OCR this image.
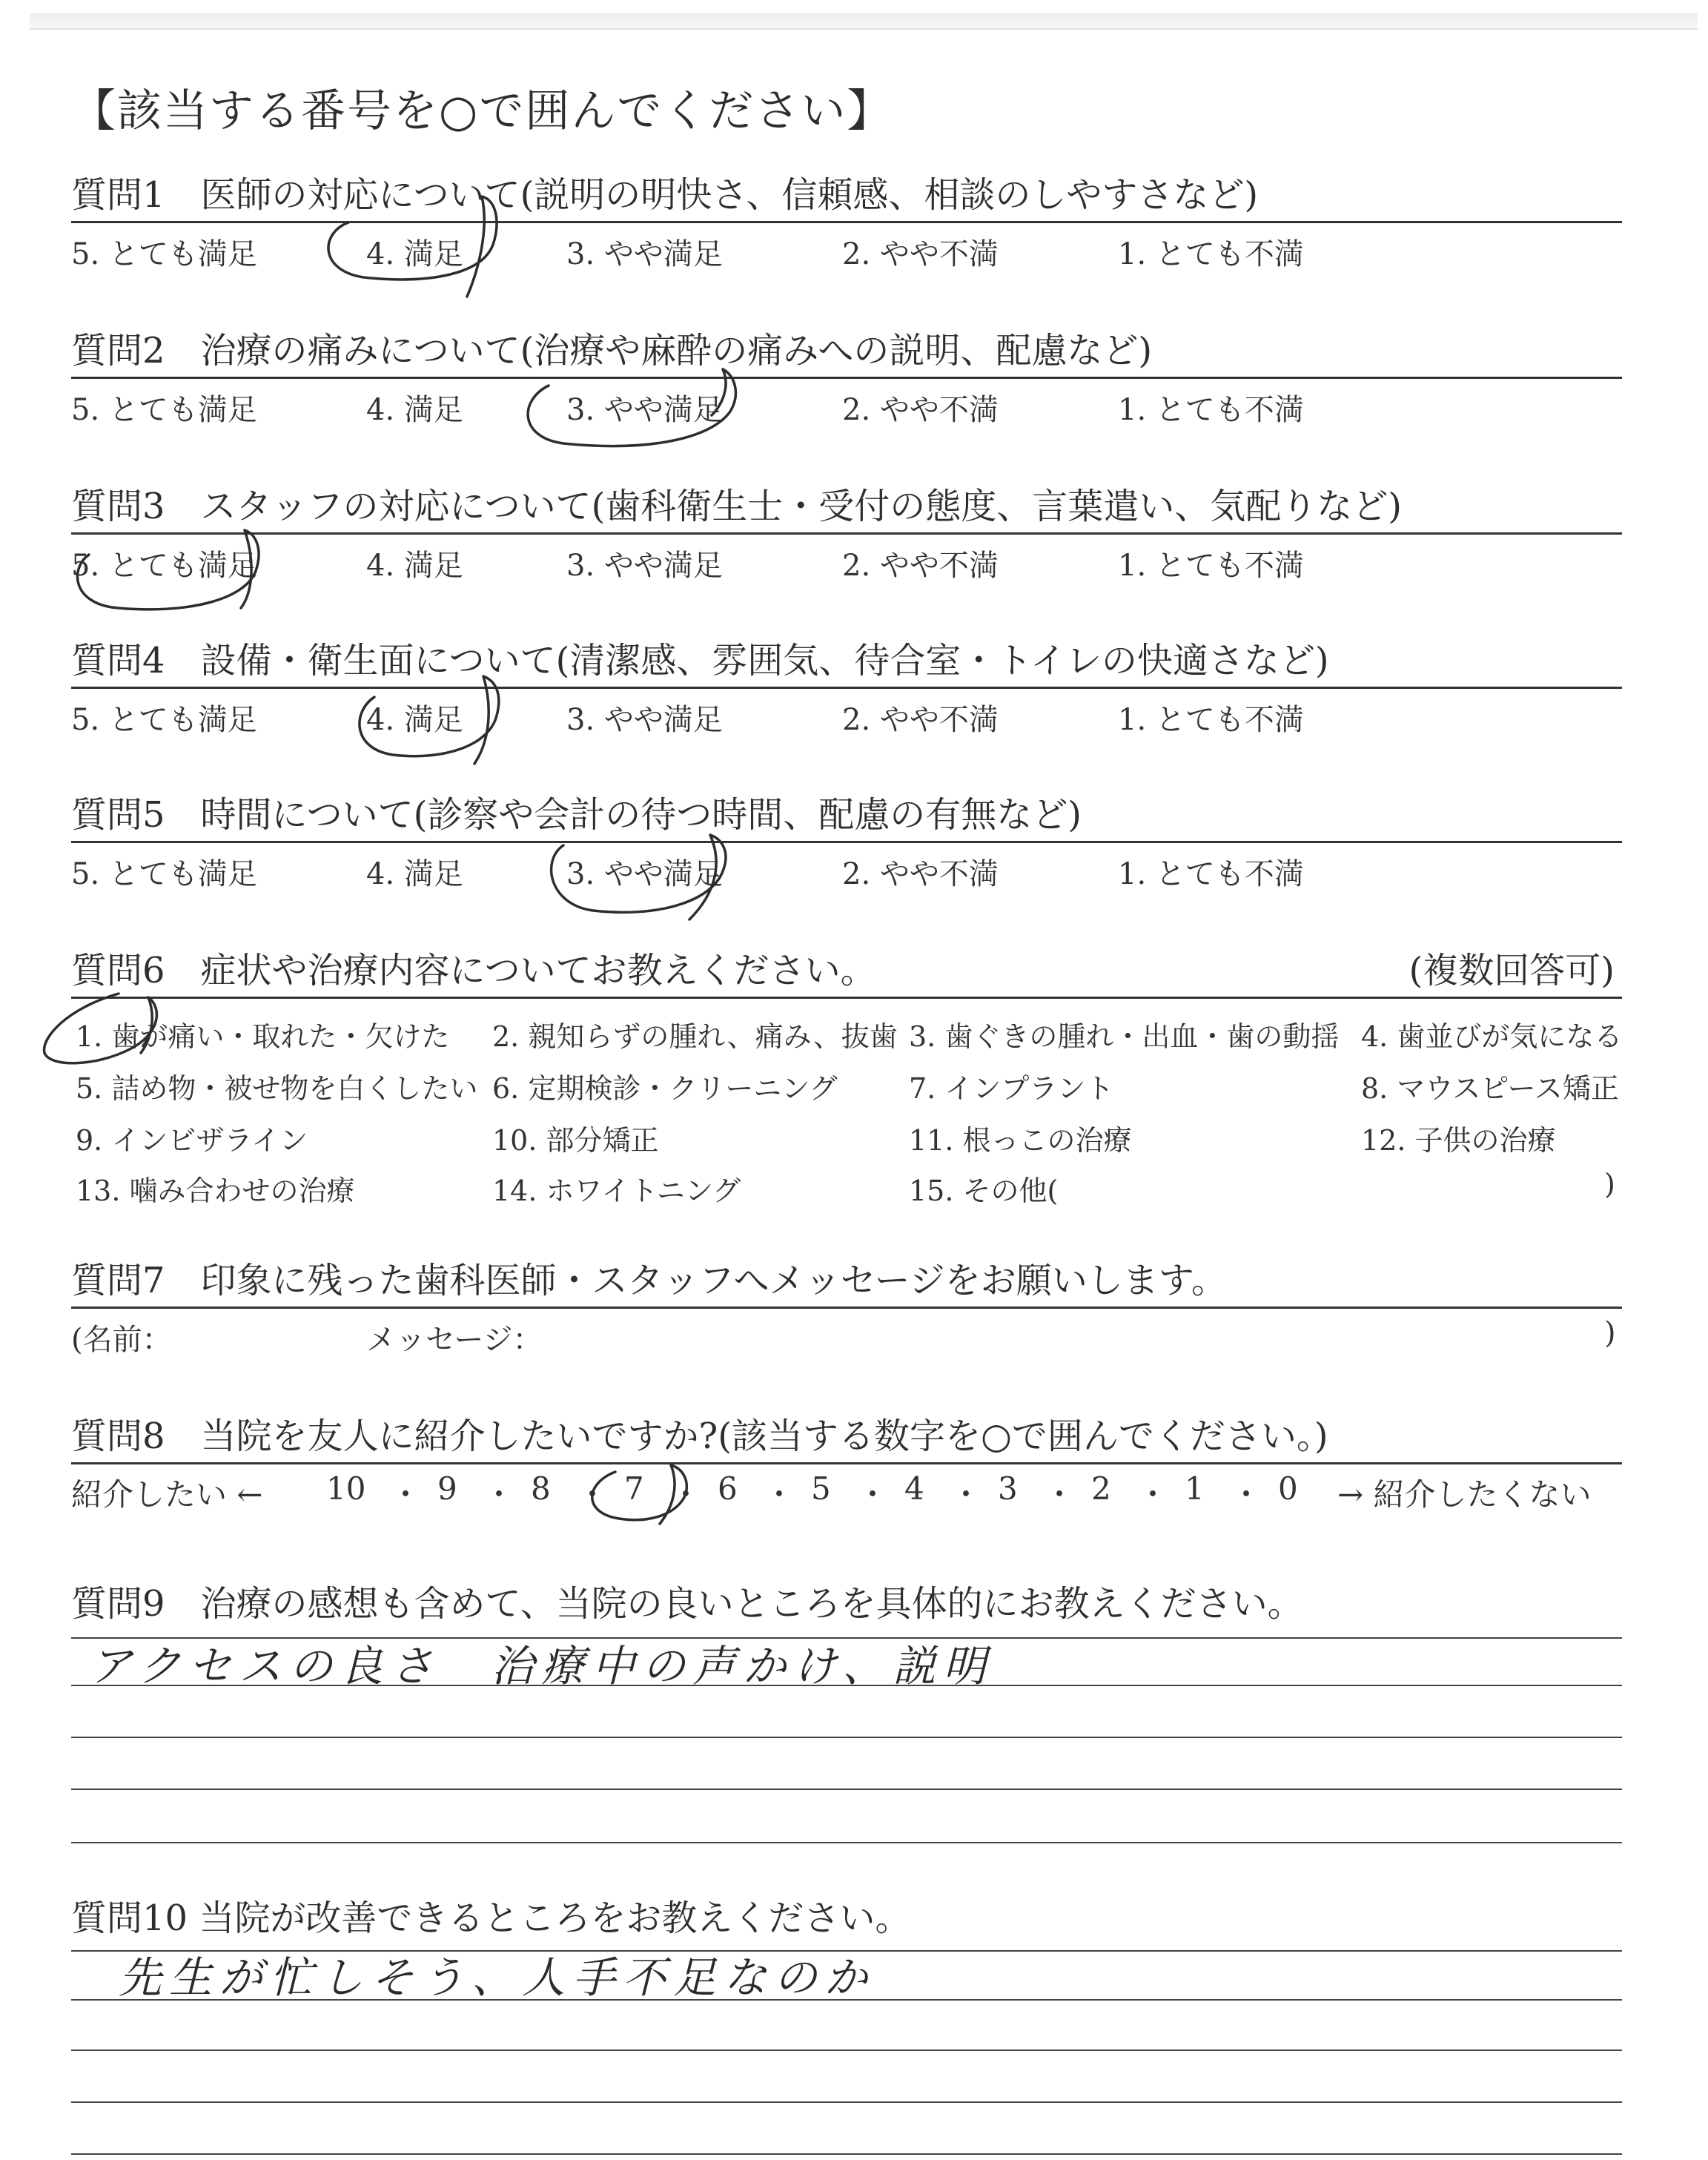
【該当する番号を○で囲んでください】
質問1　医師の対応について(説明の明快さ、信頼感、相談のしやすさなど)
5. とても満足	4. 満足	3. やや満足	2. やや不満	1. とても不満
質問2　治療の痛みについて(治療や麻酔の痛みへの説明、配慮など)
5. とても満足	4. 満足	3. やや満足	2. やや不満	1. とても不満
質問3　スタッフの対応について(歯科衛生士・受付の態度、言葉遣い、気配りなど)
5. とても満足	4. 満足	3. やや満足	2. やや不満	1. とても不満
質問4　設備・衛生面について(清潔感、雰囲気、待合室・トイレの快適さなど)
5. とても満足	4. 満足	3. やや満足	2. やや不満	1. とても不満
質問5　時間について(診察や会計の待つ時間、配慮の有無など)
5. とても満足	4. 満足	3. やや満足	2. やや不満	1. とても不満
質問6　症状や治療内容についてお教えください。	(複数回答可)
1. 歯が痛い・取れた・欠けた 2. 親知らずの腫れ、痛み、抜歯 3. 歯ぐきの腫れ・出血・歯の動揺 4. 歯並びが気になる
5. 詰め物・被せ物を白くしたい 6. 定期検診・クリーニング	7. インプラント	8. マウスピース矯正
9. インビザライン	10. 部分矯正	11. 根っこの治療	12. 子供の治療
13. 噛み合わせの治療	14. ホワイトニング	15. その他(	)
質問7　印象に残った歯科医師・スタッフへメッセージをお願いします。
(名前：	メッセージ：	)
質問8　当院を友人に紹介したいですか?(該当する数字を○で囲んでください。)
紹介したい ← 10 ・ 9 ・ 8 ・ 7 ・ 6 ・ 5 ・ 4 ・ 3 ・ 2 ・ 1 ・ 0 → 紹介したくない
質問9　治療の感想も含めて、当院の良いところを具体的にお教えください。
アクセスの良さ　治療中の声かけ、説明
質問10 当院が改善できるところをお教えください。
先生が忙しそう、人手不足なのか
